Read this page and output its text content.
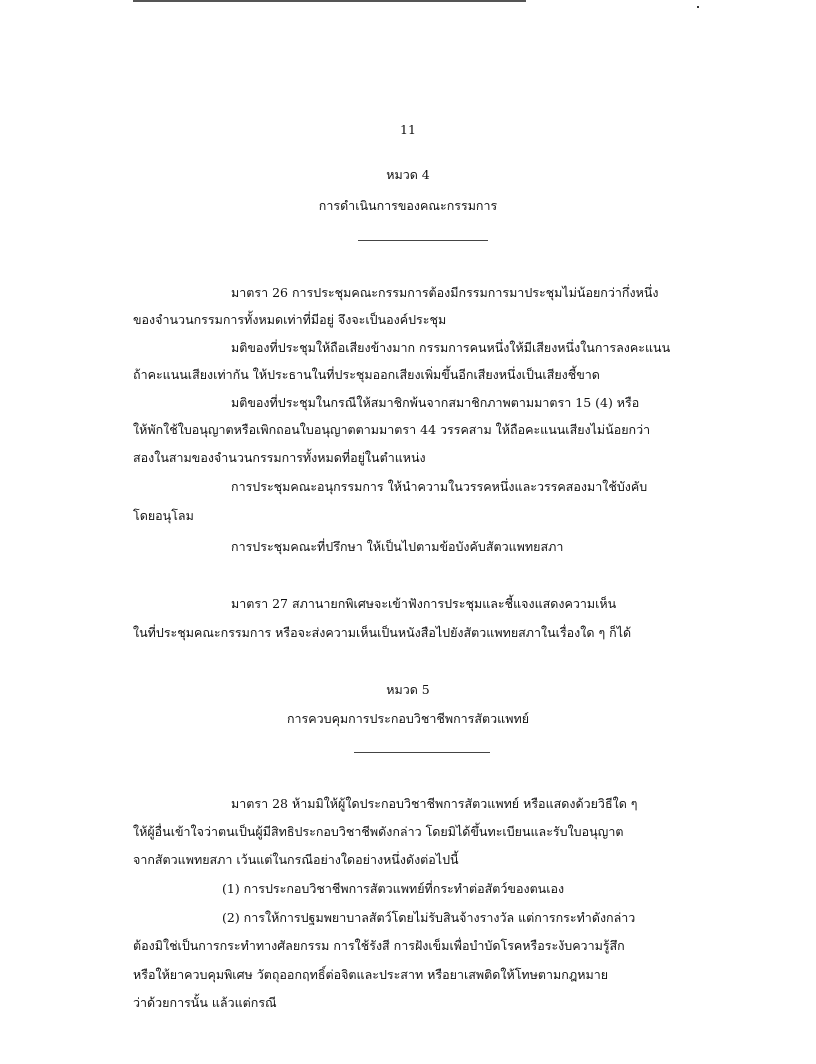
11
หมวด 4
การดำเนินการของคณะกรรมการ
มาตรา 26 การประชุมคณะกรรมการต้องมีกรรมการมาประชุมไม่น้อยกว่ากึ่งหนึ่ง
ของจำนวนกรรมการทั้งหมดเท่าที่มีอยู่ จึงจะเป็นองค์ประชุม
มติของที่ประชุมให้ถือเสียงข้างมาก กรรมการคนหนึ่งให้มีเสียงหนึ่งในการลงคะแนน
ถ้าคะแนนเสียงเท่ากัน ให้ประธานในที่ประชุมออกเสียงเพิ่มขึ้นอีกเสียงหนึ่งเป็นเสียงชี้ขาด
มติของที่ประชุมในกรณีให้สมาชิกพ้นจากสมาชิกภาพตามมาตรา 15 (4) หรือ
ให้พักใช้ใบอนุญาตหรือเพิกถอนใบอนุญาตตามมาตรา 44 วรรคสาม ให้ถือคะแนนเสียงไม่น้อยกว่า
สองในสามของจำนวนกรรมการทั้งหมดที่อยู่ในตำแหน่ง
การประชุมคณะอนุกรรมการ ให้นำความในวรรคหนึ่งและวรรคสองมาใช้บังคับ
โดยอนุโลม
การประชุมคณะที่ปรึกษา ให้เป็นไปตามข้อบังคับสัตวแพทยสภา
มาตรา 27 สภานายกพิเศษจะเข้าฟังการประชุมและชี้แจงแสดงความเห็น
ในที่ประชุมคณะกรรมการ หรือจะส่งความเห็นเป็นหนังสือไปยังสัตวแพทยสภาในเรื่องใด ๆ ก็ได้
หมวด 5
การควบคุมการประกอบวิชาชีพการสัตวแพทย์
มาตรา 28 ห้ามมิให้ผู้ใดประกอบวิชาชีพการสัตวแพทย์ หรือแสดงด้วยวิธีใด ๆ
ให้ผู้อื่นเข้าใจว่าตนเป็นผู้มีสิทธิประกอบวิชาชีพดังกล่าว โดยมิได้ขึ้นทะเบียนและรับใบอนุญาต
จากสัตวแพทยสภา เว้นแต่ในกรณีอย่างใดอย่างหนึ่งดังต่อไปนี้
(1) การประกอบวิชาชีพการสัตวแพทย์ที่กระทำต่อสัตว์ของตนเอง
(2) การให้การปฐมพยาบาลสัตว์โดยไม่รับสินจ้างรางวัล แต่การกระทำดังกล่าว
ต้องมิใช่เป็นการกระทำทางศัลยกรรม การใช้รังสี การฝังเข็มเพื่อบำบัดโรคหรือระงับความรู้สึก
หรือให้ยาควบคุมพิเศษ วัตถุออกฤทธิ์ต่อจิตและประสาท หรือยาเสพติดให้โทษตามกฎหมาย
ว่าด้วยการนั้น แล้วแต่กรณี
